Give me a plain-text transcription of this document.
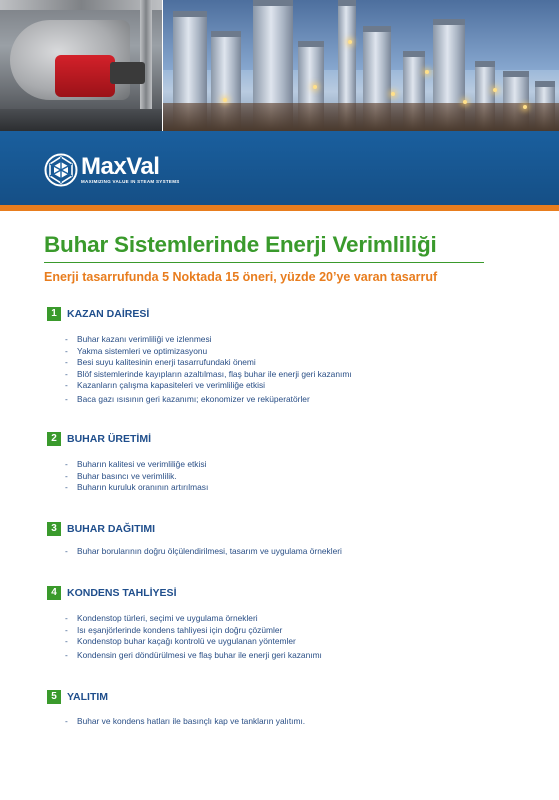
MaxVal
MAXIMIZING VALUE IN STEAM SYSTEMS
Buhar Sistemlerinde Enerji Verimliliği
Enerji tasarrufunda 5 Noktada 15 öneri, yüzde 20’ye varan tasarruf
1 KAZAN DAİRESİ
- Buhar kazanı verimliliği ve izlenmesi
- Yakma sistemleri ve optimizasyonu
- Besi suyu kalitesinin enerji tasarrufundaki önemi
- Blöf sistemlerinde kayıpların azaltılması, flaş buhar ile enerji geri kazanımı
- Kazanların çalışma kapasiteleri ve verimliliğe etkisi
- Baca gazı ısısının geri kazanımı; ekonomizer ve reküperatörler
2 BUHAR ÜRETİMİ
- Buharın kalitesi ve verimliliğe etkisi
- Buhar basıncı ve verimlilik.
- Buharın kuruluk oranının artırılması
3 BUHAR DAĞITIMI
- Buhar borularının doğru ölçülendirilmesi, tasarım ve uygulama örnekleri
4 KONDENS TAHLİYESİ
- Kondenstop türleri, seçimi ve uygulama örnekleri
- Isı eşanjörlerinde kondens tahliyesi için doğru çözümler
- Kondenstop buhar kaçağı kontrolü ve uygulanan yöntemler
- Kondensin geri döndürülmesi ve flaş buhar ile enerji geri kazanımı
5 YALITIM
- Buhar ve kondens hatları ile basınçlı kap ve tankların yalıtımı.
